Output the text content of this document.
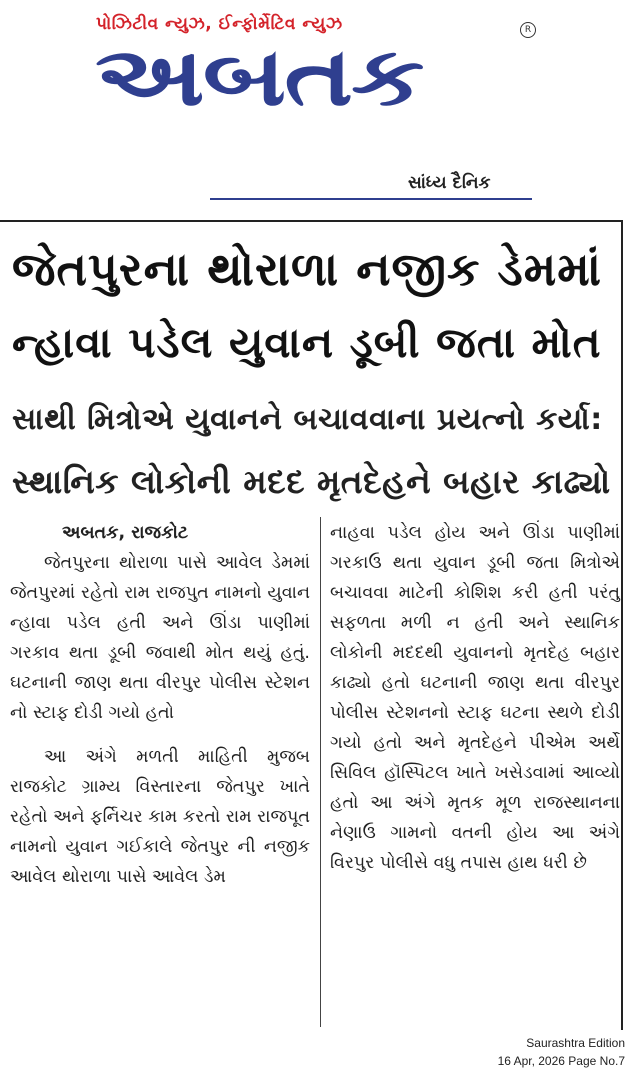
પોઝિટીવ ન્યુઝ, ઈન્ફોર્મેટિવ ન્યુઝ
અબતક	R
સાંધ્ય દૈનિક
જેતપુરના થોરાળા નજીક ડેમમાં
ન્હાવા પડેલ યુવાન ડૂબી જતા મોત
સાથી મિત્રોએ યુવાનને બચાવવાના પ્રયત્નો કર્યા:
સ્થાનિક લોકોની મદદ મૃતદેહને બહાર કાઢ્યો

અબતક, રાજકોટ

જેતપુરના થોરાળા પાસે આવેલ ડેમમાં જેતપુરમાં રહેતો રામ રાજપુત નામનો યુવાન ન્હાવા પડેલ હતી અને ઊંડા પાણીમાં ગરકાવ થતા ડૂબી જવાથી મોત થયું હતું. ઘટનાની જાણ થતા વીરપુર પોલીસ સ્ટેશન નો સ્ટાફ દોડી ગયો હતો

આ અંગે મળતી માહિતી મુજબ રાજકોટ ગ્રામ્ય વિસ્તારના જેતપુર ખાતે રહેતો અને ફર્નિચર કામ કરતો રામ રાજપૂત નામનો યુવાન ગઈકાલે જેતપુર ની નજીક આવેલ થોરાળા પાસે આવેલ ડેમ

નાહવા પડેલ હોય અને ઊંડા પાણીમાં ગરકાઉ થતા યુવાન ડૂબી જતા મિત્રોએ બચાવવા માટેની કોશિશ કરી હતી પરંતુ સફળતા મળી ન હતી અને સ્થાનિક લોકોની મદદથી યુવાનનો મૃતદેહ બહાર કાઢ્યો હતો ઘટનાની જાણ થતા વીરપુર પોલીસ સ્ટેશનનો સ્ટાફ ઘટના સ્થળે દોડી ગયો હતો અને મૃતદેહને પીએમ અર્થે સિવિલ હૉસ્પિટલ ખાતે ખસેડવામાં આવ્યો હતો આ અંગે મૃતક મૂળ રાજસ્થાનના નેણાઉ ગામનો વતની હોય આ અંગે વિરપુર પોલીસે વધુ તપાસ હાથ ધરી છે

Saurashtra Edition
16 Apr, 2026 Page No.7
